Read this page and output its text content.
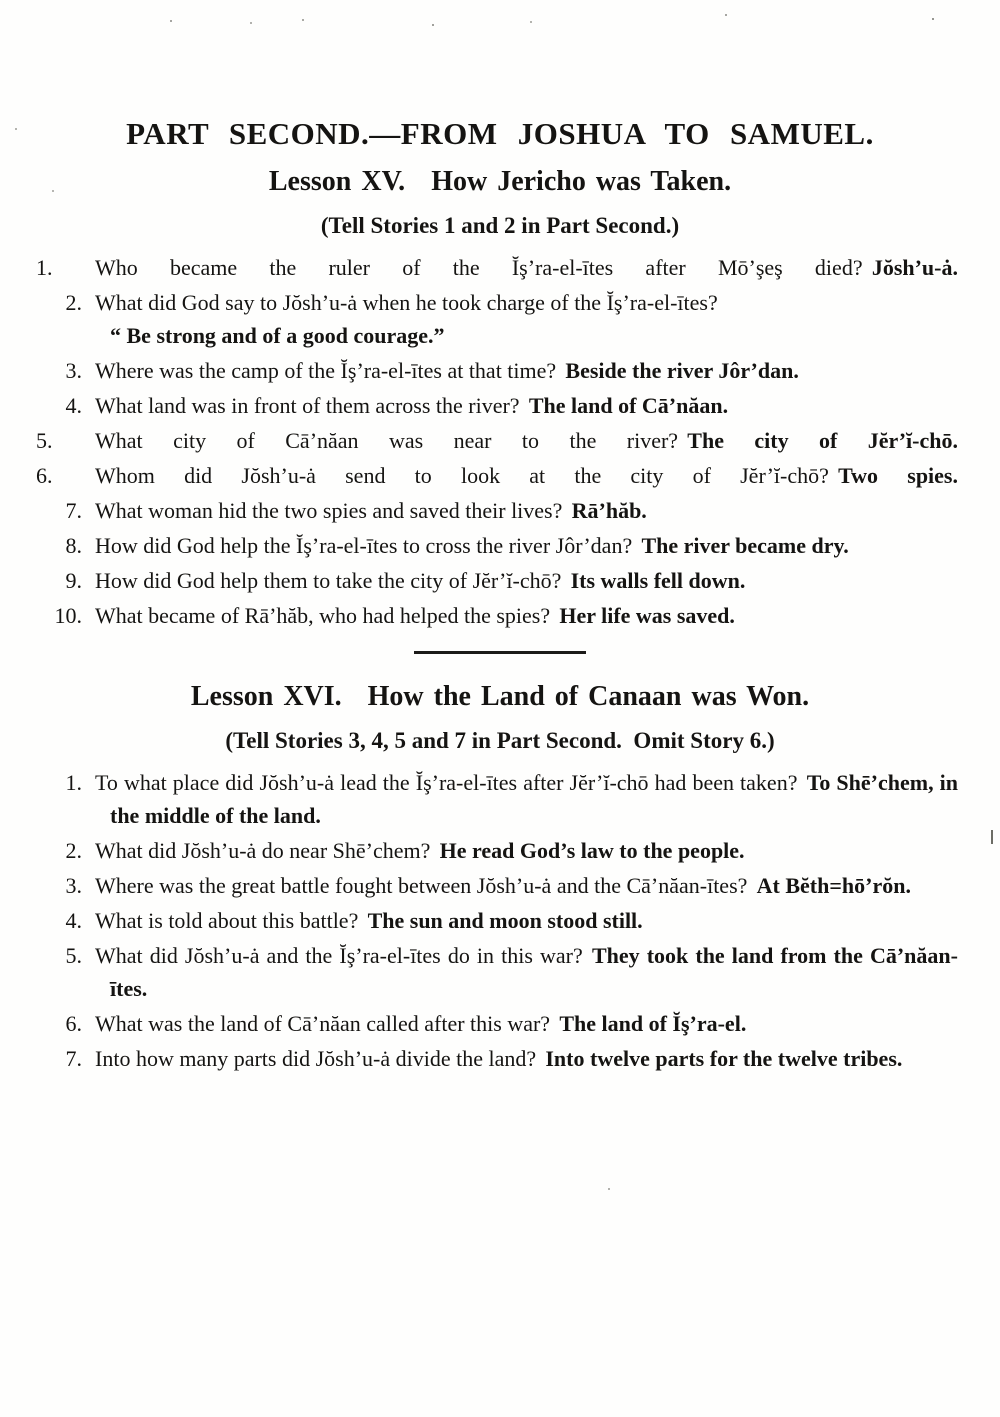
PART SECOND.—FROM JOSHUA TO SAMUEL.
Lesson XV. How Jericho was Taken.

(Tell Stories 1 and 2 in Part Second.)

1.	Who became the ruler of the Ĭş’ra-el-ītes after Mō’şeş died? Jŏsh’u-ȧ.
2. What did God say to Jŏsh’u-ȧ when he took charge of the Ĭş’ra-el-ītes?
“ Be strong and of a good courage.”
3. Where was the camp of the Ĭş’ra-el-ītes at that time? Beside the river Jôr’dan.
4. What land was in front of them across the river? The land of Cā’năan.
5.	What city of Cā’năan was near to the river? The city of Jĕr’ĭ-chō.
6.	Whom did Jŏsh’u-ȧ send to look at the city of Jĕr’ĭ-chō? Two spies.
7. What woman hid the two spies and saved their lives? Rā’hăb.
8. How did God help the Ĭş’ra-el-ītes to cross the river Jôr’dan? The river became dry.
9. How did God help them to take the city of Jĕr’ĭ-chō? Its walls fell down.
10. What became of Rā’hăb, who had helped the spies? Her life was saved.
Lesson XVI. How the Land of Canaan was Won.

(Tell Stories 3, 4, 5 and 7 in Part Second.  Omit Story 6.)

1. To what place did Jŏsh’u-ȧ lead the Ĭş’ra-el-ītes after Jĕr’ĭ-chō had been taken? To Shē’chem, in the middle of the land.
2. What did Jŏsh’u-ȧ do near Shē’chem? He read God’s law to the people.
3. Where was the great battle fought between Jŏsh’u-ȧ and the Cā’năan-ītes? At Bĕth=hō’rŏn.
4. What is told about this battle? The sun and moon stood still.
5. What did Jŏsh’u-ȧ and the Ĭş’ra-el-ītes do in this war? They took the land from the Cā’năan-ītes.
6. What was the land of Cā’năan called after this war? The land of Ĭş’ra-el.
7. Into how many parts did Jŏsh’u-ȧ divide the land? Into twelve parts for the twelve tribes.
